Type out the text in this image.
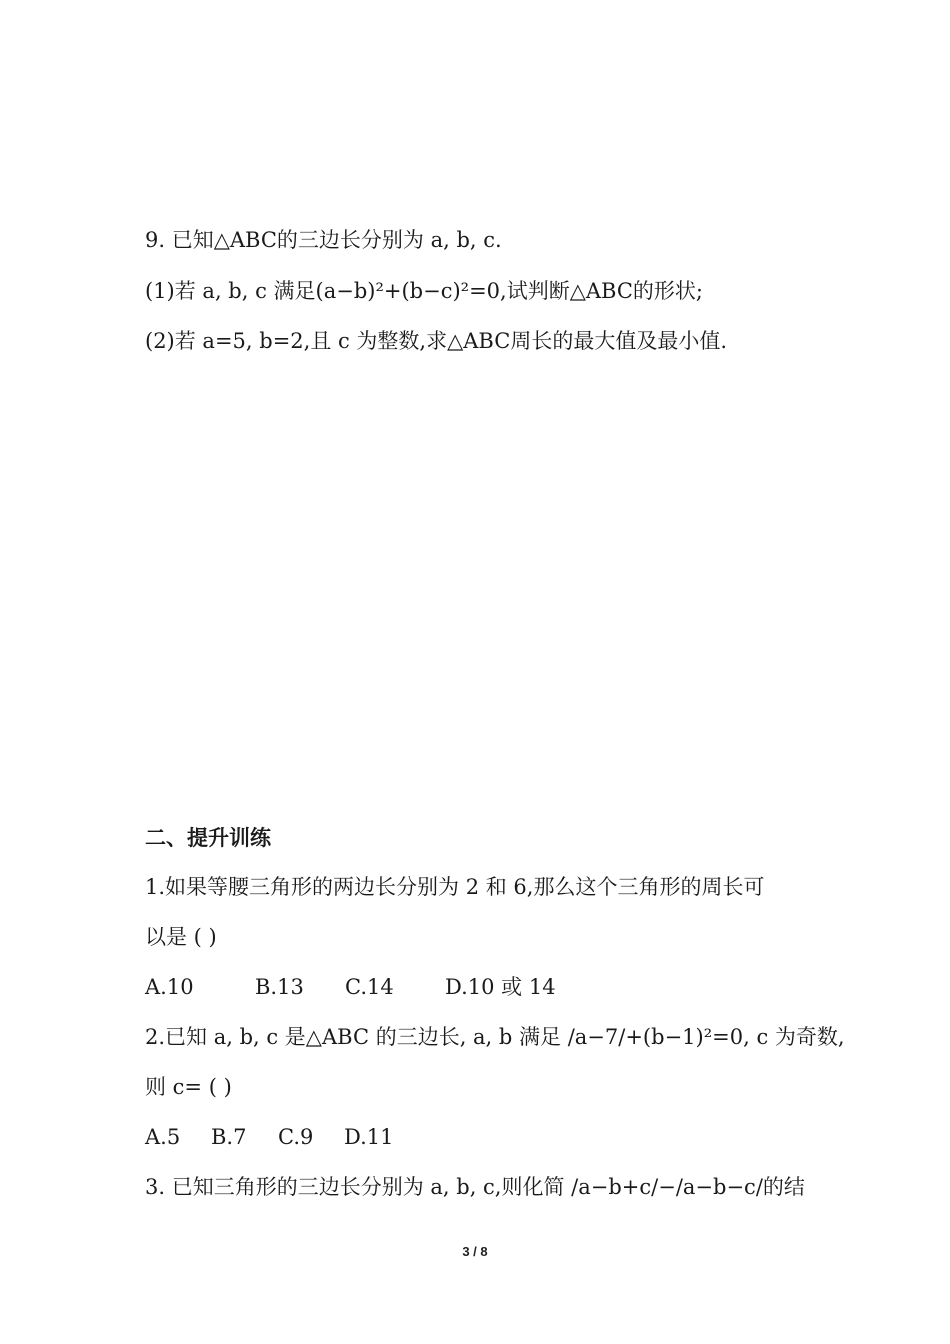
9. 已知△ABC的三边长分别为 a, b, c.
(1)若 a, b, c 满足(a−b)²+(b−c)²=0,试判断△ABC的形状;
(2)若 a=5, b=2,且 c 为整数,求△ABC周长的最大值及最小值.
二、提升训练
1.如果等腰三角形的两边长分别为 2 和 6,那么这个三角形的周长可
以是 ( )
A.10	B.13 C.14 D.10 或 14
2.已知 a, b, c 是△ABC 的三边长, a, b 满足 /a−7/+(b−1)²=0, c 为奇数,
则 c= ( )
A.5 B.7 C.9 D.11
3. 已知三角形的三边长分别为 a, b, c,则化简 /a−b+c/−/a−b−c/的结
3 / 8
